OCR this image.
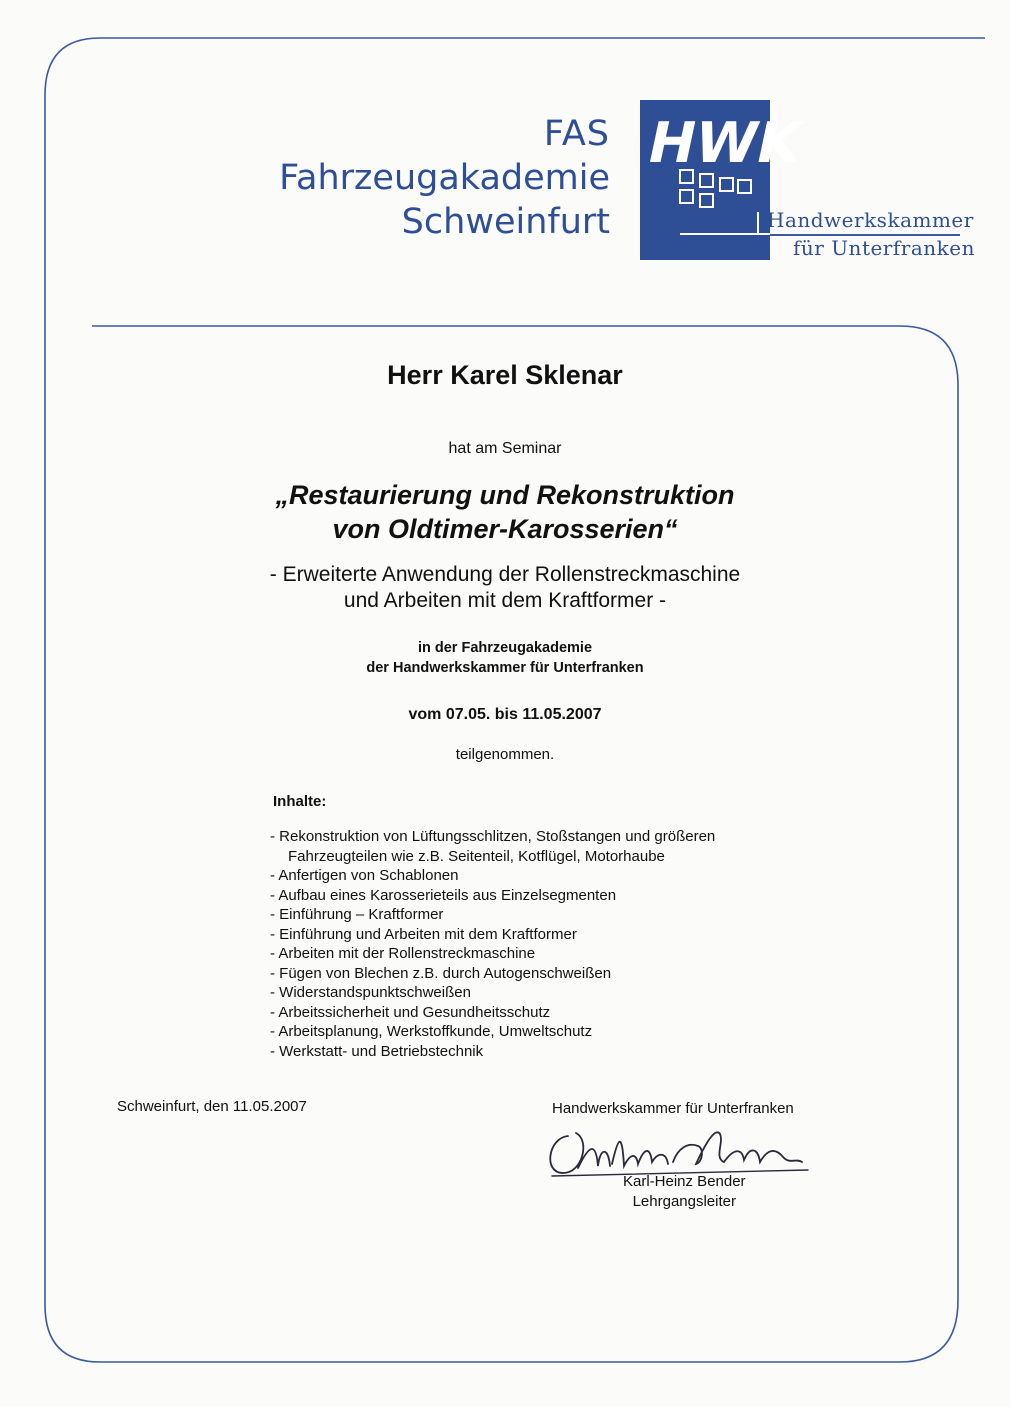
FAS
Fahrzeugakademie
Schweinfurt
HWK
Handwerkskammer
für Unterfranken
Herr Karel Sklenar
hat am Seminar
„Restaurierung und Rekonstruktion
von Oldtimer-Karosserien“
- Erweiterte Anwendung der Rollenstreckmaschine
und Arbeiten mit dem Kraftformer -
in der Fahrzeugakademie
der Handwerkskammer für Unterfranken
vom 07.05. bis 11.05.2007
teilgenommen.
Inhalte:
- Rekonstruktion von Lüftungsschlitzen, Stoßstangen und größeren
Fahrzeugteilen wie z.B. Seitenteil, Kotflügel, Motorhaube
- Anfertigen von Schablonen
- Aufbau eines Karosserieteils aus Einzelsegmenten
- Einführung – Kraftformer
- Einführung und Arbeiten mit dem Kraftformer
- Arbeiten mit der Rollenstreckmaschine
- Fügen von Blechen z.B. durch Autogenschweißen
- Widerstandspunktschweißen
- Arbeitssicherheit und Gesundheitsschutz
- Arbeitsplanung, Werkstoffkunde, Umweltschutz
- Werkstatt- und Betriebstechnik
Schweinfurt, den 11.05.2007	Handwerkskammer für Unterfranken
Karl-Heinz Bender
Lehrgangsleiter
